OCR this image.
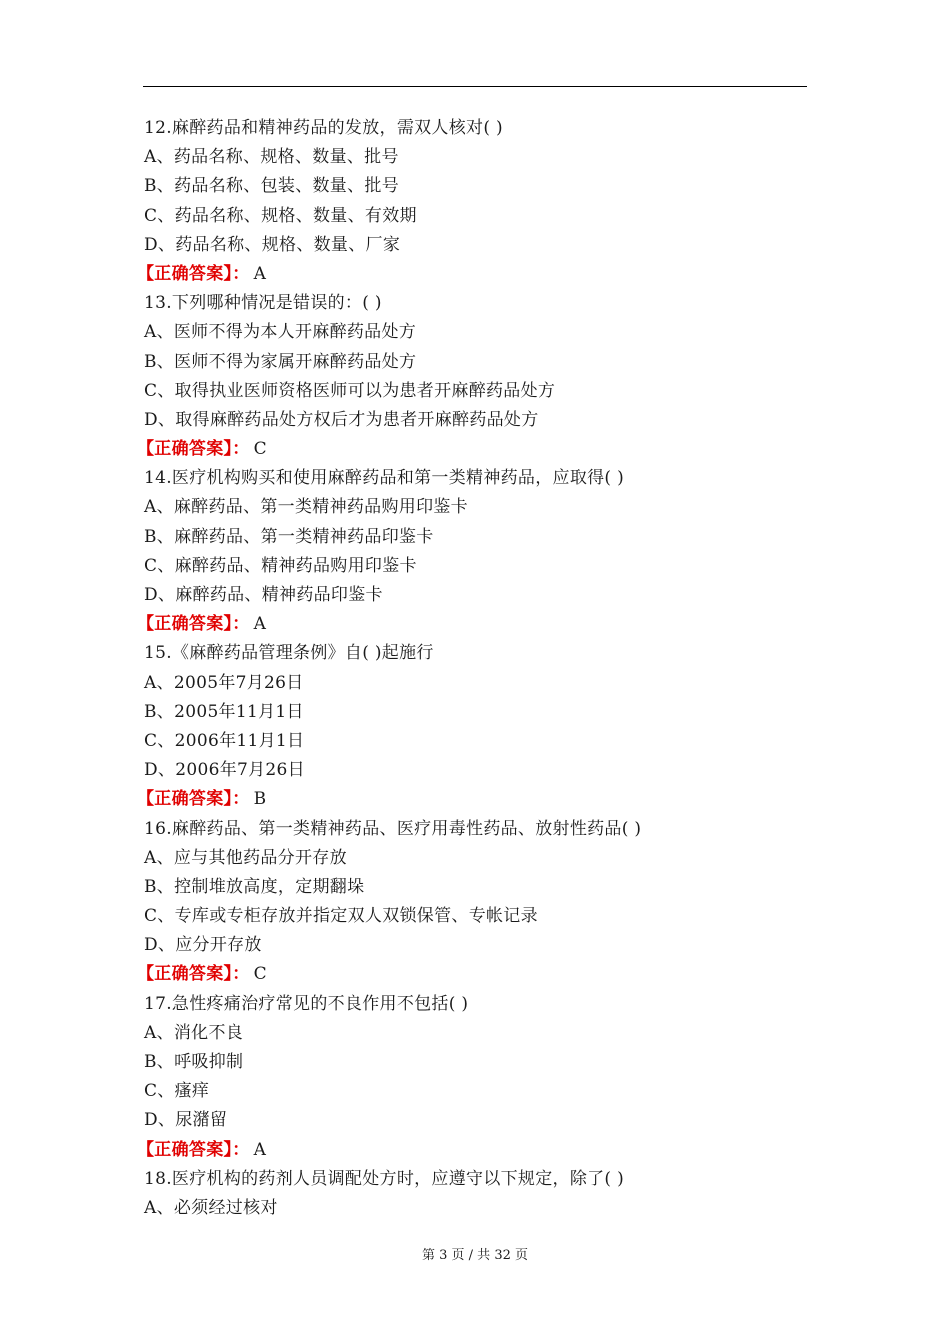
12.麻醉药品和精神药品的发放，需双人核对( )
A、药品名称、规格、数量、批号
B、药品名称、包装、数量、批号
C、药品名称、规格、数量、有效期
D、药品名称、规格、数量、厂家
【正确答案】： A
13.下列哪种情况是错误的：( )
A、医师不得为本人开麻醉药品处方
B、医师不得为家属开麻醉药品处方
C、取得执业医师资格医师可以为患者开麻醉药品处方
D、取得麻醉药品处方权后才为患者开麻醉药品处方
【正确答案】： C
14.医疗机构购买和使用麻醉药品和第一类精神药品，应取得( )
A、麻醉药品、第一类精神药品购用印鉴卡
B、麻醉药品、第一类精神药品印鉴卡
C、麻醉药品、精神药品购用印鉴卡
D、麻醉药品、精神药品印鉴卡
【正确答案】： A
15.《麻醉药品管理条例》自( )起施行
A、2005年7月26日
B、2005年11月1日
C、2006年11月1日
D、2006年7月26日
【正确答案】： B
16.麻醉药品、第一类精神药品、医疗用毒性药品、放射性药品( )
A、应与其他药品分开存放
B、控制堆放高度，定期翻垛
C、专库或专柜存放并指定双人双锁保管、专帐记录
D、应分开存放
【正确答案】： C
17.急性疼痛治疗常见的不良作用不包括( )
A、消化不良
B、呼吸抑制
C、瘙痒
D、尿潴留
【正确答案】： A
18.医疗机构的药剂人员调配处方时，应遵守以下规定，除了( )
A、必须经过核对
第 3 页 / 共 32 页
